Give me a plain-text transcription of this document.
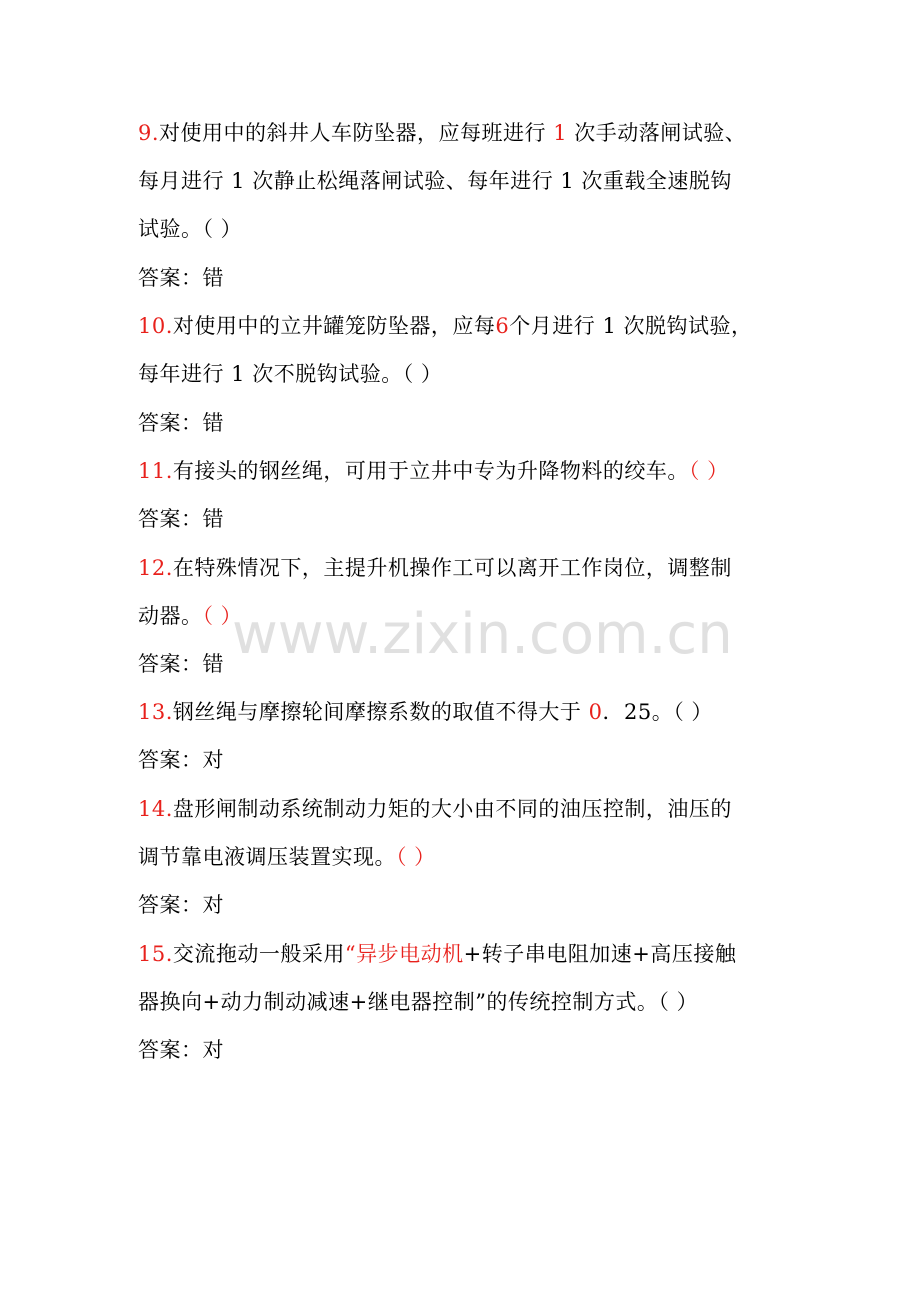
9.对使用中的斜井人车防坠器，应每班进行 1 次手动落闸试验、
每月进行 1 次静止松绳落闸试验、每年进行 1 次重载全速脱钩
试验。（ ）
答案：错
10.对使用中的立井罐笼防坠器，应每6个月进行 1 次脱钩试验，
每年进行 1 次不脱钩试验。（ ）
答案：错
11.有接头的钢丝绳，可用于立井中专为升降物料的绞车。（ ）
答案：错
12.在特殊情况下，主提升机操作工可以离开工作岗位，调整制
动器。（ ）
答案：错
13.钢丝绳与摩擦轮间摩擦系数的取值不得大于 0．25。（ ）
答案：对
14.盘形闸制动系统制动力矩的大小由不同的油压控制，油压的
调节靠电液调压装置实现。（ ）
答案：对
15.交流拖动一般采用“异步电动机+转子串电阻加速+高压接触
器换向+动力制动减速+继电器控制”的传统控制方式。（ ）
答案：对
www.zixin.com.cn
